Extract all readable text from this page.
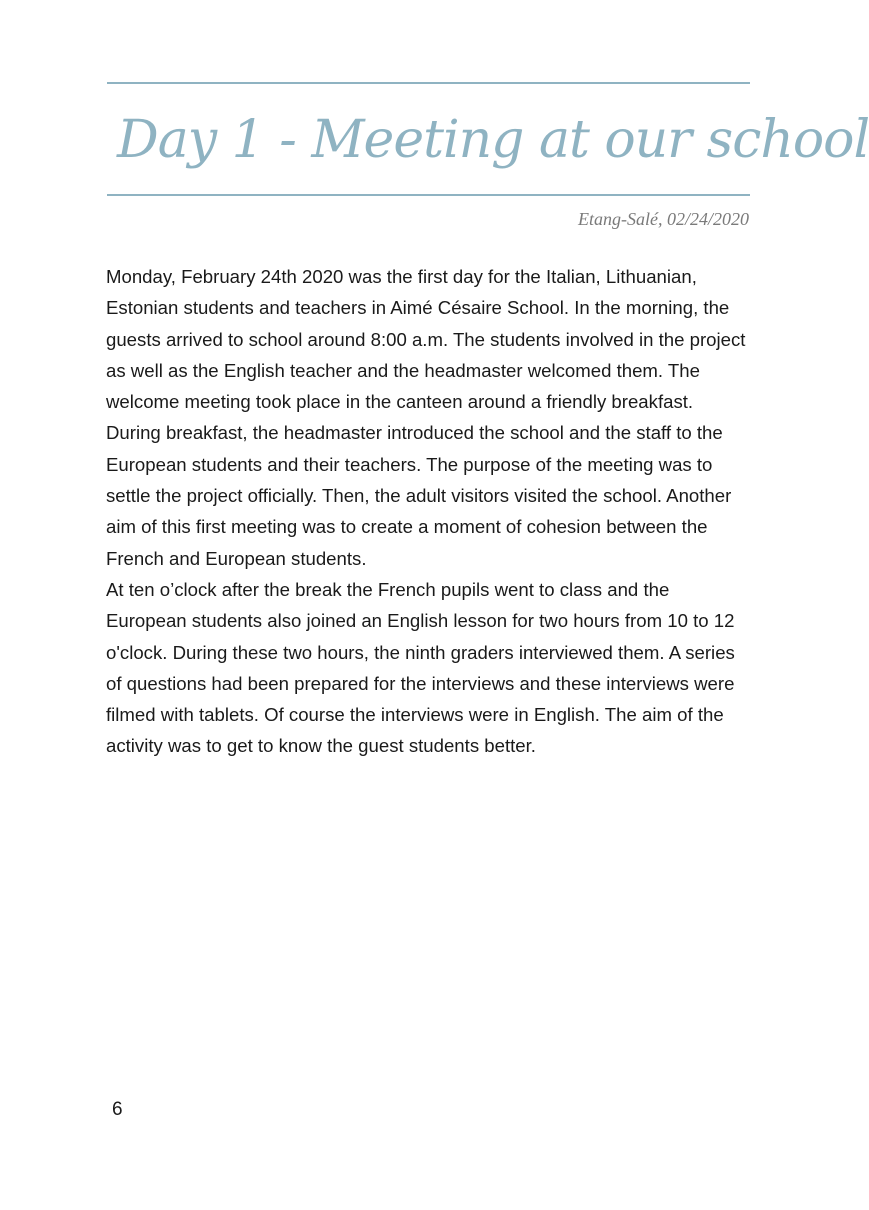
Day 1 - Meeting at our school
Etang-Salé, 02/24/2020

Monday, February 24th 2020 was the first day for the Italian, Lithuanian, Estonian students and teachers in Aimé Césaire School. In the morning, the guests arrived to school around 8:00 a.m. The students involved in the project as well as the English teacher and the headmaster welcomed them. The welcome meeting took place in the canteen around a friendly breakfast. During breakfast, the headmaster introduced the school and the staff to the European students and their teachers. The purpose of the meeting was to settle the project officially. Then, the adult visitors visited the school. Another aim of this first meeting was to create a moment of cohesion between the French and European students.

At ten o’clock after the break the French pupils went to class and the European students also joined an English lesson for two hours from 10 to 12 o'clock. During these two hours, the ninth graders interviewed them. A series of questions had been prepared for the interviews and these interviews were filmed with tablets. Of course the interviews were in English. The aim of the activity was to get to know the guest students better.

6
